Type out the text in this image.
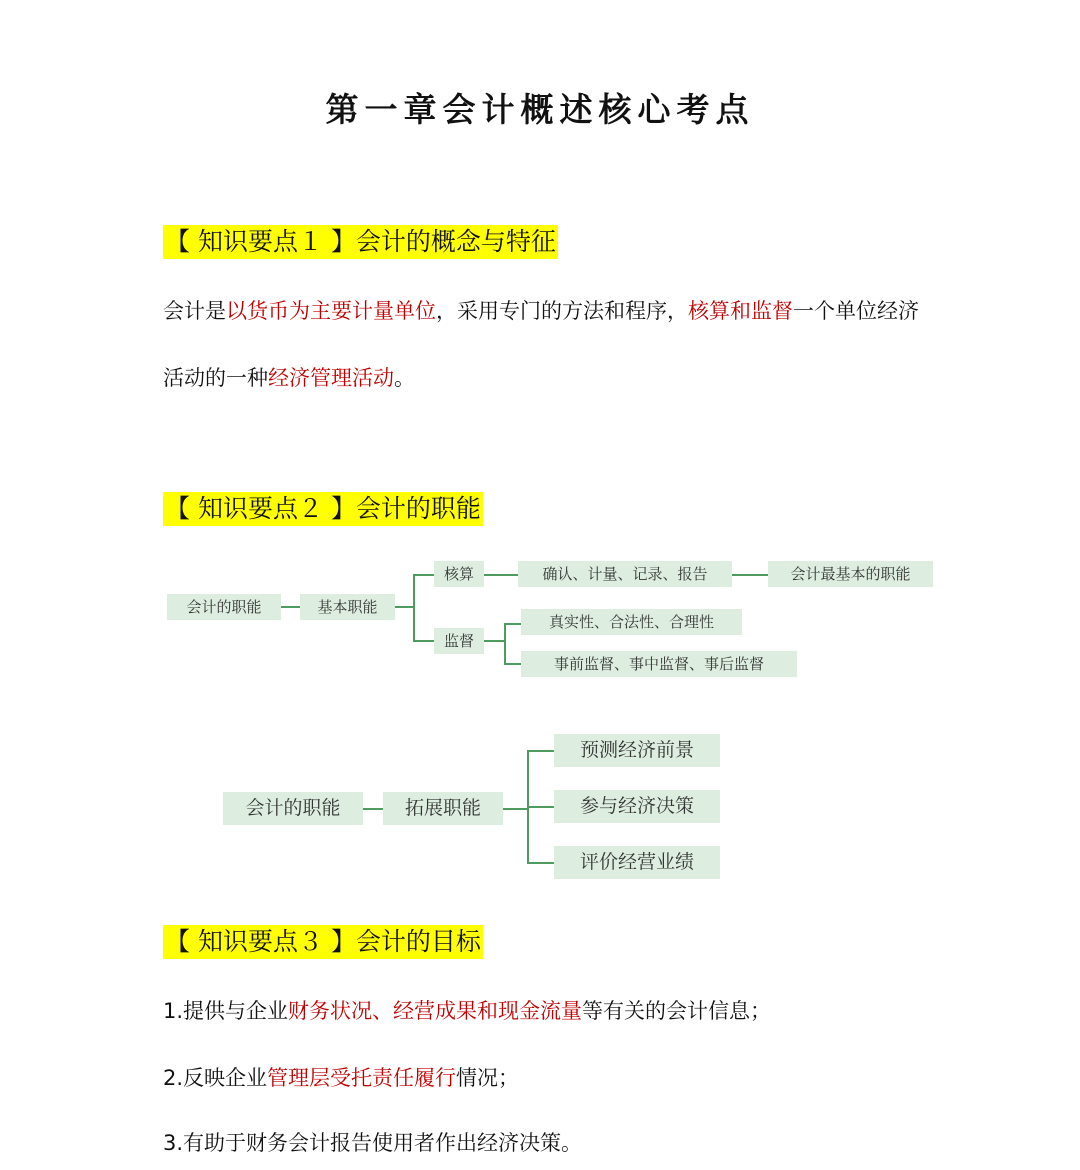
第一章会计概述核心考点
【 知识要点１ 】会计的概念与特征

会计是以货币为主要计量单位，采用专门的方法和程序，核算和监督一个单位经济

活动的一种经济管理活动。

【 知识要点２ 】会计的职能
会计的职能	基本职能
核算	确认、计量、记录、报告	会计最基本的职能
监督
真实性、合法性、合理性
事前监督、事中监督、事后监督
会计的职能	拓展职能
预测经济前景
参与经济决策
评价经营业绩
【 知识要点３ 】会计的目标

1.提供与企业财务状况、经营成果和现金流量等有关的会计信息；

2.反映企业管理层受托责任履行情况；

3.有助于财务会计报告使用者作出经济决策。
